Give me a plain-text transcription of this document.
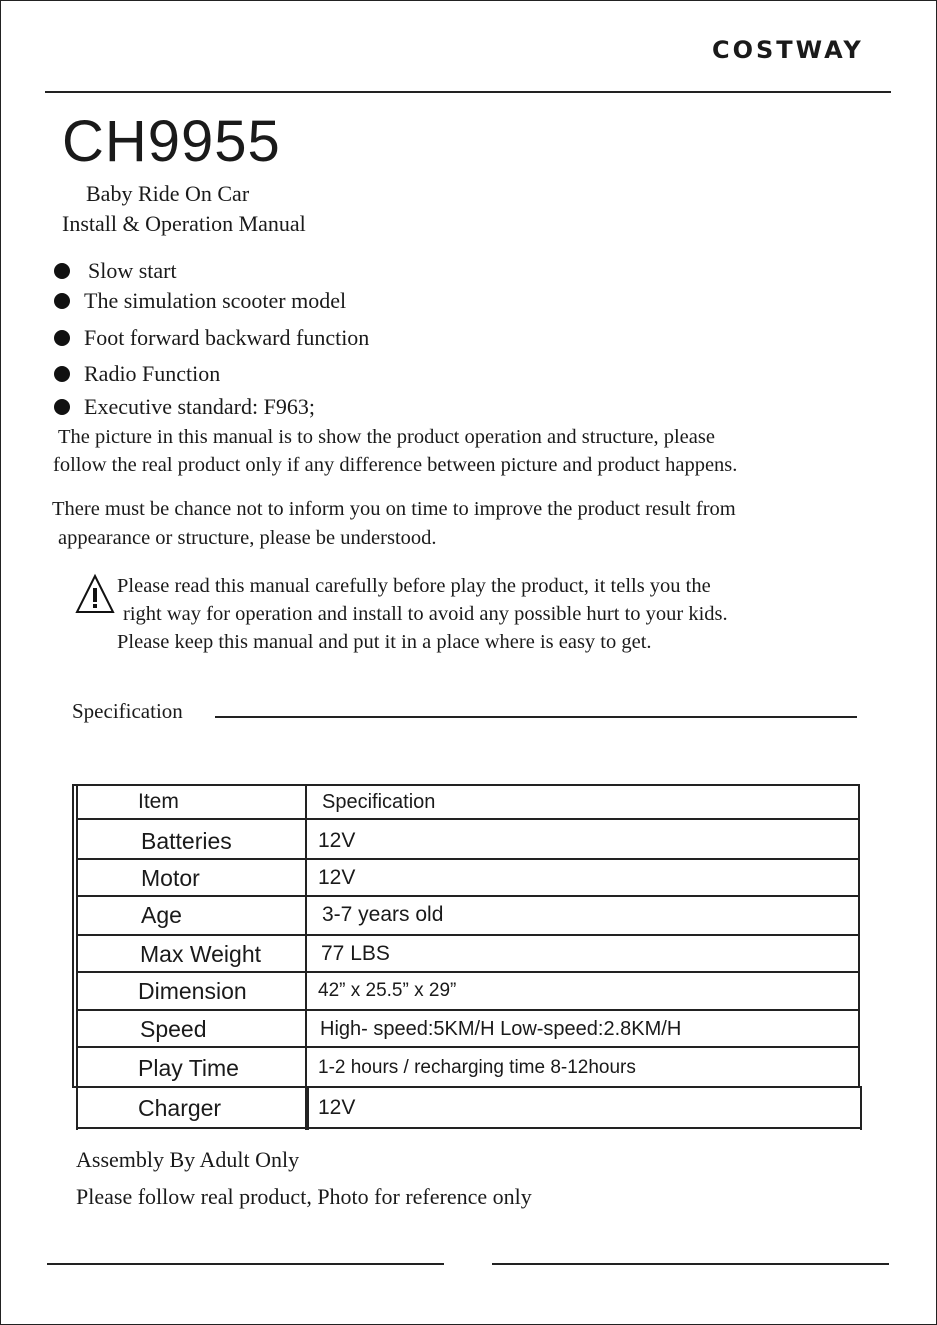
COSTWAY
CH9955
Baby Ride On Car
Install & Operation Manual
Slow start
The simulation scooter model
Foot forward backward function
Radio Function
Executive standard: F963;
The picture in this manual is to show the product operation and structure, please
follow the real product only if any difference between picture and product happens.
There must be chance not to inform you on time to improve the product result from
appearance or structure, please be understood.
Please read this manual carefully before play the product, it tells you the
right way for operation and install to avoid any possible hurt to your kids.
Please keep this manual and put it in a place where is easy to get.
Specification
Item	Specification
Batteries	12V
Motor	12V
Age	3-7 years old
Max Weight	77 LBS
Dimension	42” x 25.5” x 29”
Speed	High- speed:5KM/H Low-speed:2.8KM/H
Play Time	1-2 hours / recharging time 8-12hours
Charger	12V
Assembly By Adult Only
Please follow real product, Photo for reference only
